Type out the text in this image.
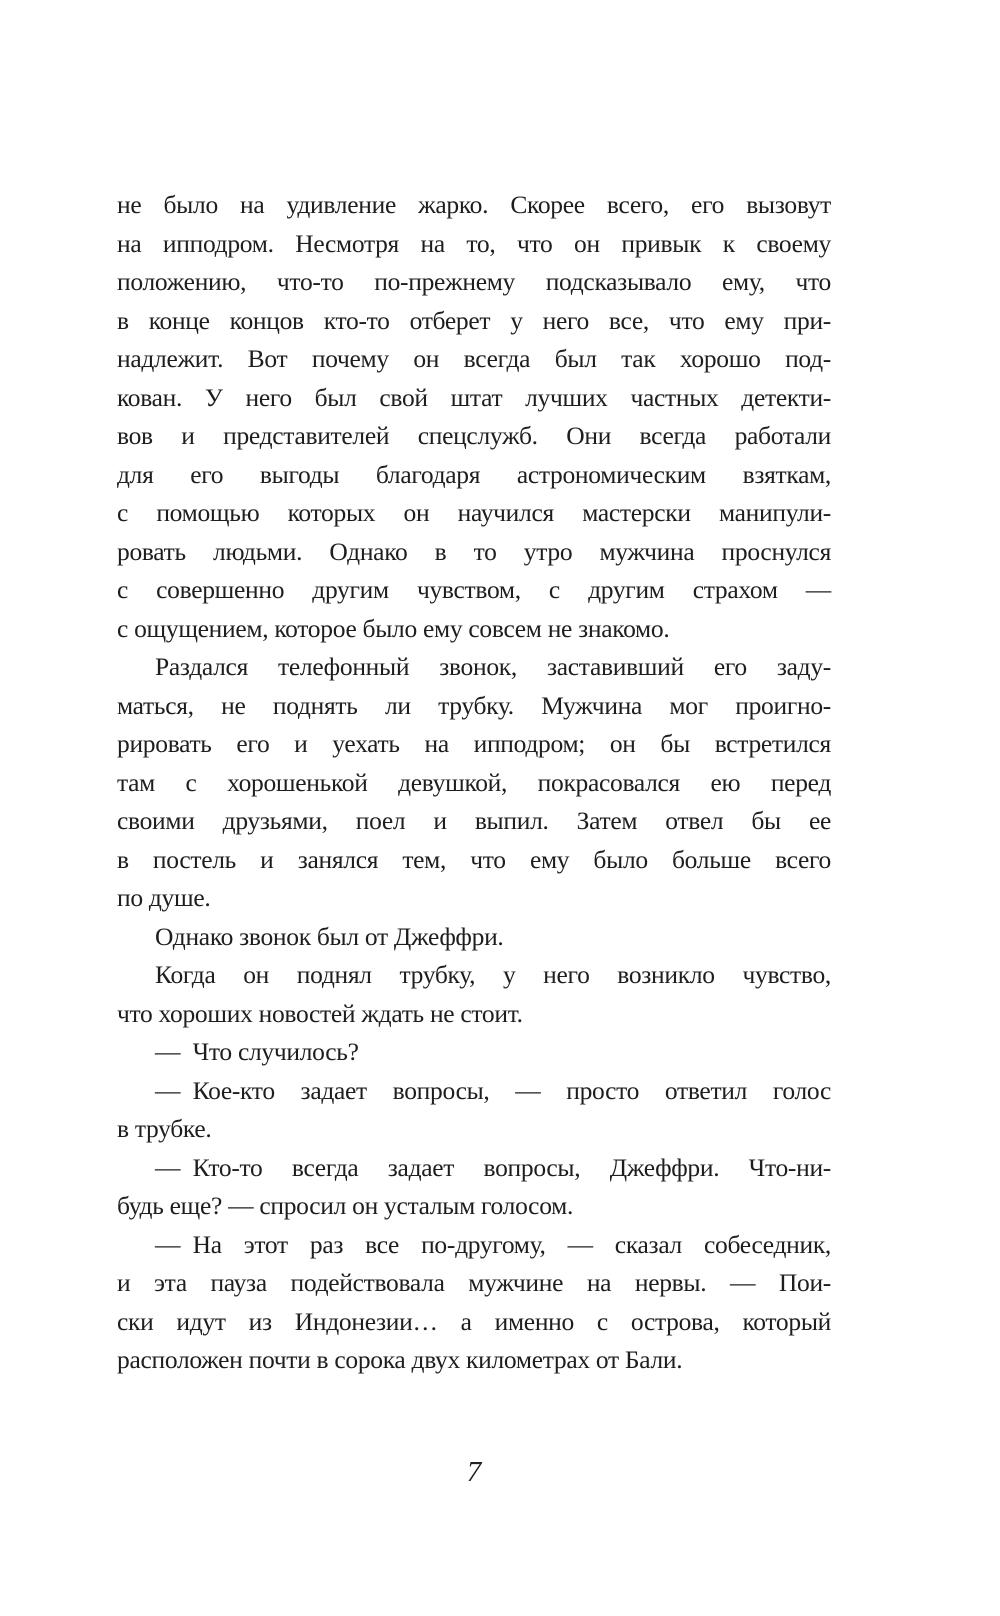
не было на удивление жарко. Скорее всего, его вызовут
на ипподром. Несмотря на то, что он привык к своему
положению, что-то по-прежнему подсказывало ему, что
в конце концов кто-то отберет у него все, что ему при-
надлежит. Вот почему он всегда был так хорошо под-
кован. У него был свой штат лучших частных детекти-
вов и представителей спецслужб. Они всегда работали
для его выгоды благодаря астрономическим взяткам,
с помощью которых он научился мастерски манипули-
ровать людьми. Однако в то утро мужчина проснулся
с совершенно другим чувством, с другим страхом —
с ощущением, которое было ему совсем не знакомо.
Раздался телефонный звонок, заставивший его заду-
маться, не поднять ли трубку. Мужчина мог проигно-
рировать его и уехать на ипподром; он бы встретился
там с хорошенькой девушкой, покрасовался ею перед
своими друзьями, поел и выпил. Затем отвел бы ее
в постель и занялся тем, что ему было больше всего
по душе.
Однако звонок был от Джеффри.
Когда он поднял трубку, у него возникло чувство,
что хороших новостей ждать не стоит.
— Что случилось?
— Кое-кто задает вопросы, — просто ответил голос
в трубке.
— Кто-то всегда задает вопросы, Джеффри. Что-ни-
будь еще? — спросил он усталым голосом.
— На этот раз все по-другому, — сказал собеседник,
и эта пауза подействовала мужчине на нервы. — Пои-
ски идут из Индонезии… а именно с острова, который
расположен почти в сорока двух километрах от Бали.
7
